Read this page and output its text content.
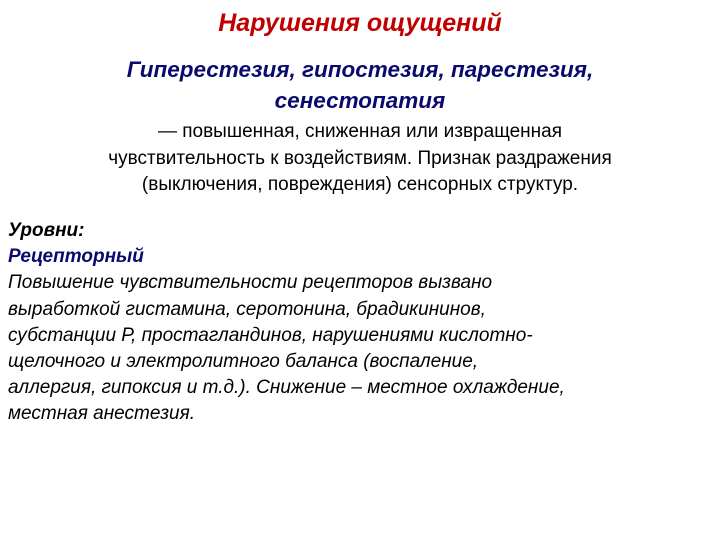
Нарушения ощущений
Гиперестезия, гипостезия, парестезия,
сенестопатия
— повышенная, сниженная или извращенная
чувствительность к воздействиям. Признак раздражения
(выключения, повреждения) сенсорных структур.
Уровни:
Рецепторный
Повышение чувствительности рецепторов вызвано
выработкой гистамина, серотонина, брадикининов,
субстанции Р, простагландинов, нарушениями кислотно-
щелочного и электролитного баланса (воспаление,
аллергия, гипоксия и т.д.). Снижение – местное охлаждение,
местная анестезия.
